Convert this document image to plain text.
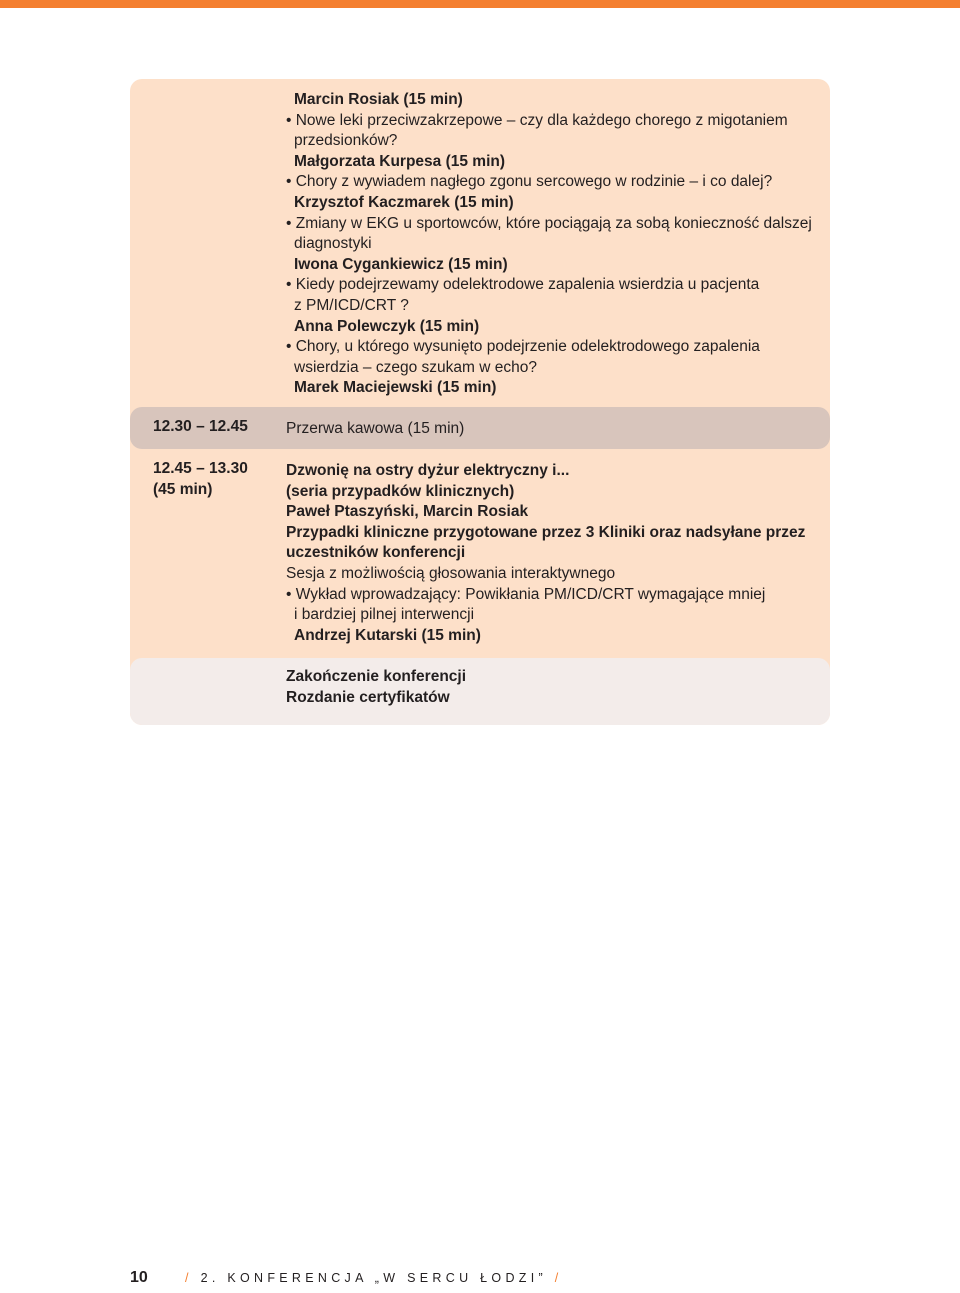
Marcin Rosiak (15 min)
• Nowe leki przeciwzakrzepowe – czy dla każdego chorego z migotaniem
przedsionków?
Małgorzata Kurpesa (15 min)
• Chory z wywiadem nagłego zgonu sercowego w rodzinie – i co dalej?
Krzysztof Kaczmarek (15 min)
• Zmiany w EKG u sportowców, które pociągają za sobą konieczność dalszej
diagnostyki
Iwona Cygankiewicz (15 min)
• Kiedy podejrzewamy odelektrodowe zapalenia wsierdzia u pacjenta
z PM/ICD/CRT ?
Anna Polewczyk (15 min)
• Chory, u którego wysunięto podejrzenie odelektrodowego zapalenia
wsierdzia – czego szukam w echo?
Marek Maciejewski (15 min)
12.30 – 12.45 Przerwa kawowa (15 min)
12.45 – 13.30
(45 min)
Dzwonię na ostry dyżur elektryczny i...
(seria przypadków klinicznych)
Paweł Ptaszyński, Marcin Rosiak
Przypadki kliniczne przygotowane przez 3 Kliniki oraz nadsyłane przez
uczestników konferencji
Sesja z możliwością głosowania interaktywnego
• Wykład wprowadzający: Powikłania PM/ICD/CRT wymagające mniej
i bardziej pilnej interwencji
Andrzej Kutarski (15 min)
Zakończenie konferencji
Rozdanie certyfikatów
10	/ 2. KONFERENCJA „W SERCU ŁODZI” /
